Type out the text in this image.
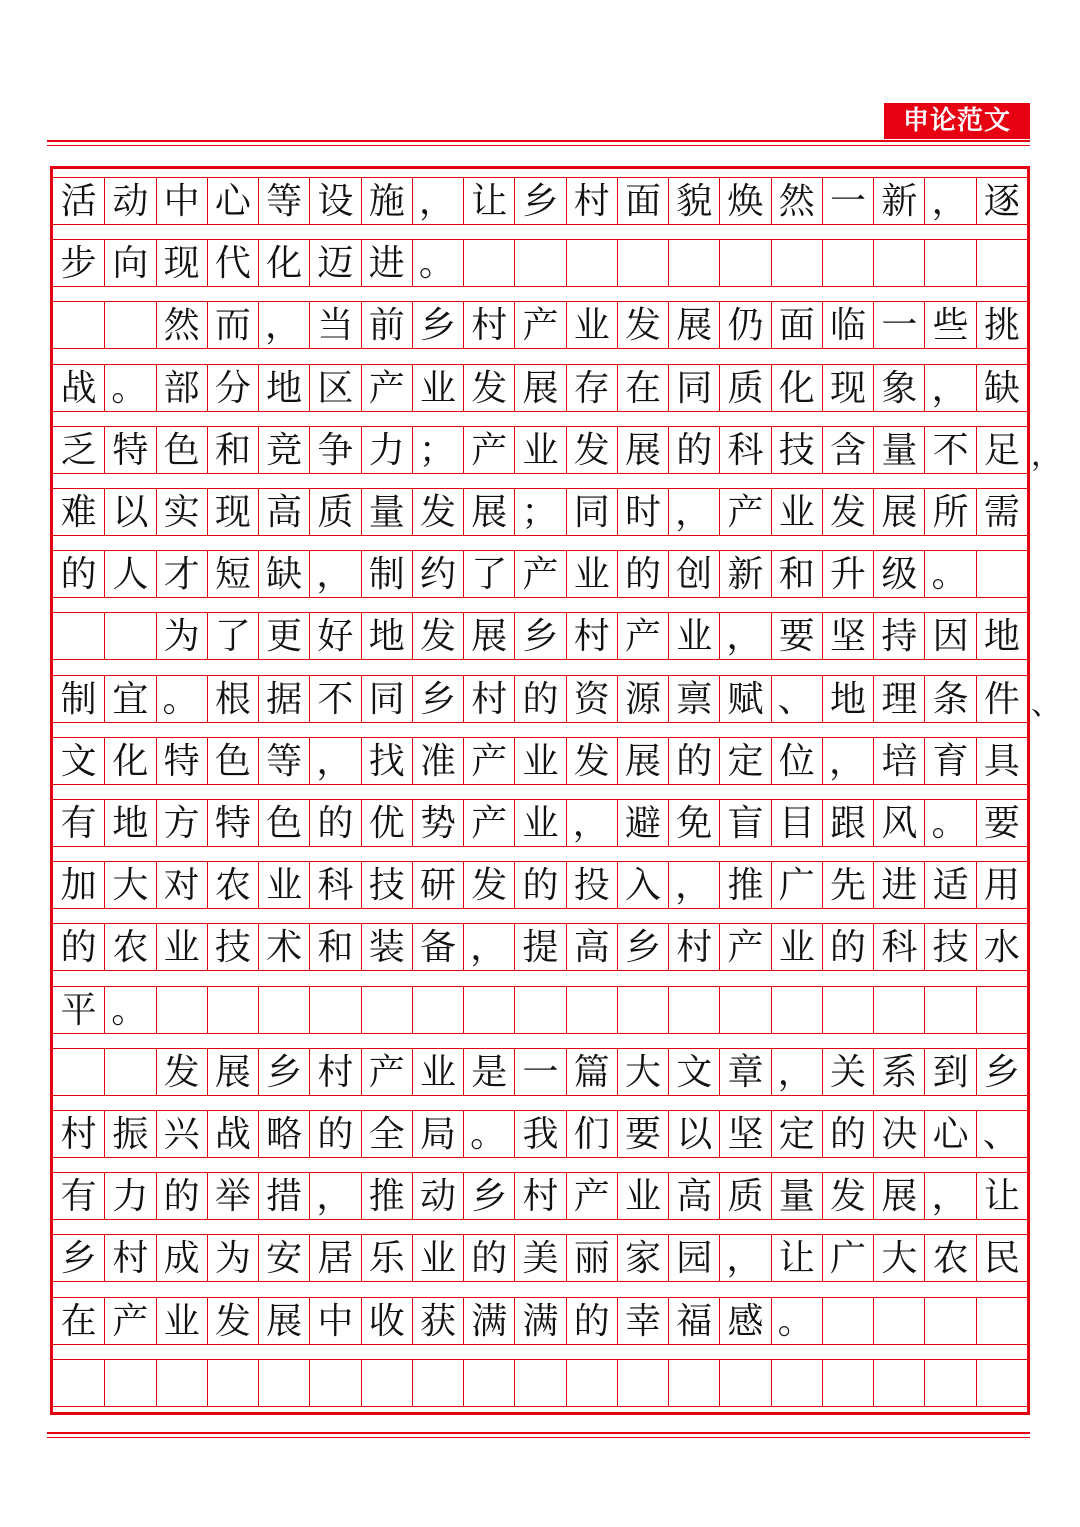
申论范文
活 动 中 心 等 设 施 ， 让 乡 村 面 貌 焕 然 一 新 ， 逐
步 向 现 代 化 迈 进 。
然 而 ， 当 前 乡 村 产 业 发 展 仍 面 临 一 些 挑
战 。 部 分 地 区 产 业 发 展 存 在 同 质 化 现 象 ， 缺
乏 特 色 和 竞 争 力 ； 产 业 发 展 的 科 技 含 量 不 足 ，
难 以 实 现 高 质 量 发 展 ； 同 时 ， 产 业 发 展 所 需
的 人 才 短 缺 ， 制 约 了 产 业 的 创 新 和 升 级 。
为 了 更 好 地 发 展 乡 村 产 业 ， 要 坚 持 因 地
制 宜 。 根 据 不 同 乡 村 的 资 源 禀 赋 、 地 理 条 件 、
文 化 特 色 等 ， 找 准 产 业 发 展 的 定 位 ， 培 育 具
有 地 方 特 色 的 优 势 产 业 ， 避 免 盲 目 跟 风 。 要
加 大 对 农 业 科 技 研 发 的 投 入 ， 推 广 先 进 适 用
的 农 业 技 术 和 装 备 ， 提 高 乡 村 产 业 的 科 技 水
平 。
发 展 乡 村 产 业 是 一 篇 大 文 章 ， 关 系 到 乡
村 振 兴 战 略 的 全 局 。 我 们 要 以 坚 定 的 决 心 、
有 力 的 举 措 ， 推 动 乡 村 产 业 高 质 量 发 展 ， 让
乡 村 成 为 安 居 乐 业 的 美 丽 家 园 ， 让 广 大 农 民
在 产 业 发 展 中 收 获 满 满 的 幸 福 感 。
